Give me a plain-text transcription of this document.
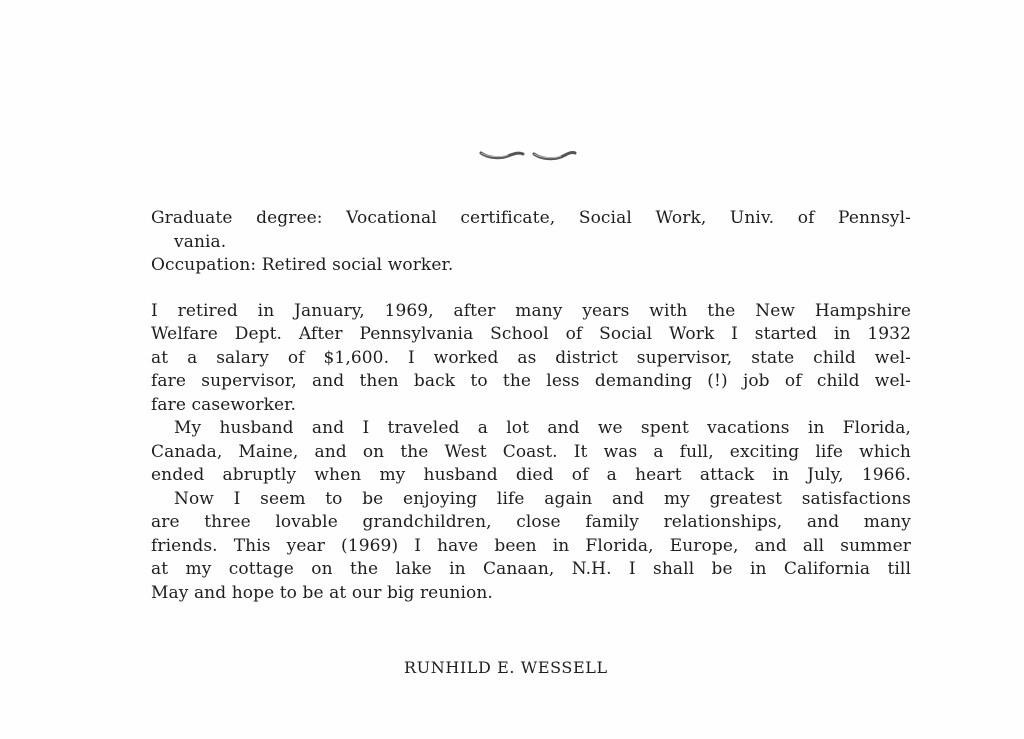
Graduate degree: Vocational certificate, Social Work, Univ. of Pennsyl-
vania.
Occupation: Retired social worker.
I retired in January, 1969, after many years with the New Hampshire
Welfare Dept. After Pennsylvania School of Social Work I started in 1932
at a salary of $1,600. I worked as district supervisor, state child wel-
fare supervisor, and then back to the less demanding (!) job of child wel-
fare caseworker.
My husband and I traveled a lot and we spent vacations in Florida,
Canada, Maine, and on the West Coast. It was a full, exciting life which
ended abruptly when my husband died of a heart attack in July, 1966.
Now I seem to be enjoying life again and my greatest satisfactions
are three lovable grandchildren, close family relationships, and many
friends. This year (1969) I have been in Florida, Europe, and all summer
at my cottage on the lake in Canaan, N.H. I shall be in California till
May and hope to be at our big reunion.
RUNHILD E. WESSELL
